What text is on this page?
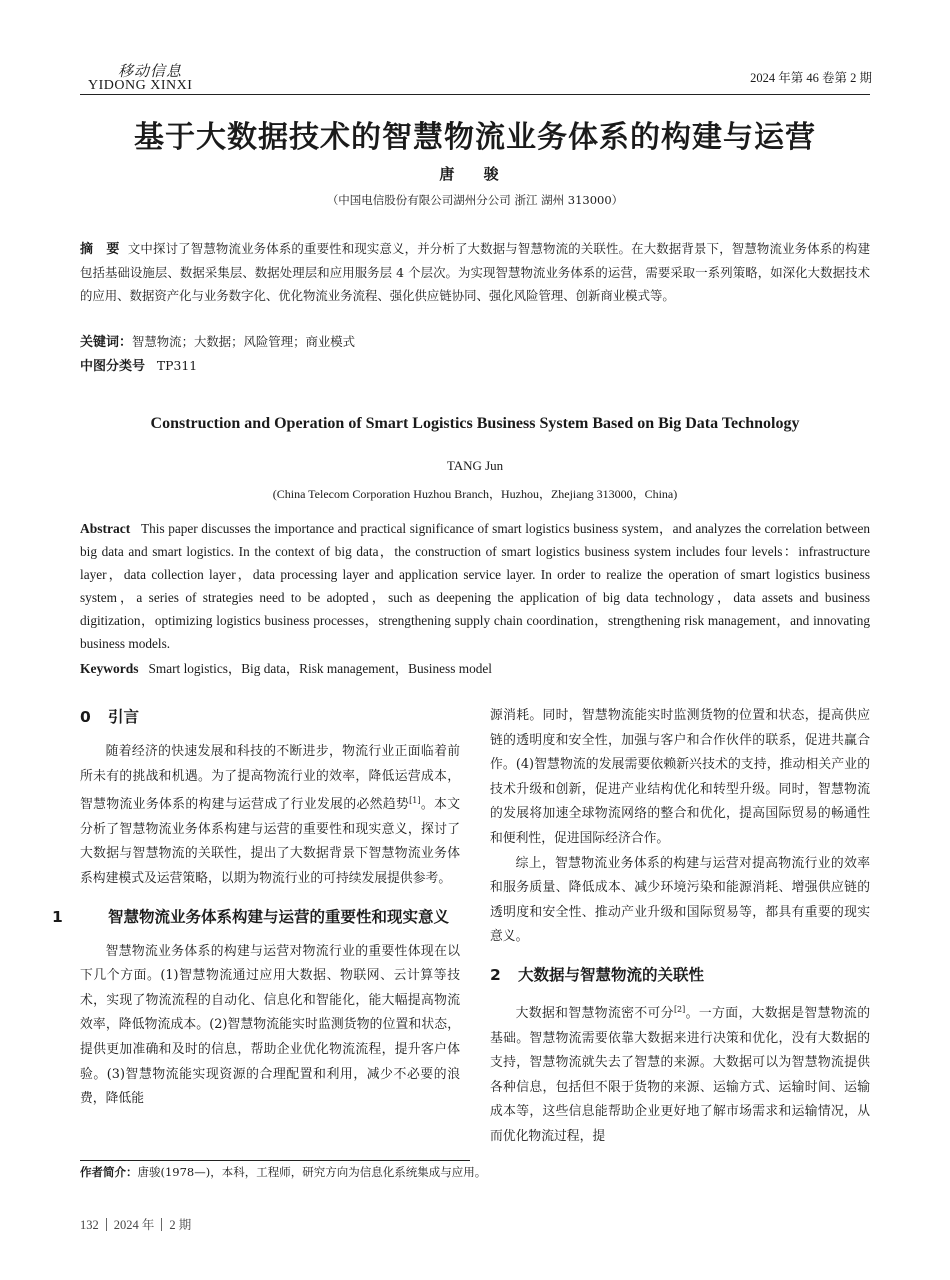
移动信息
YIDONG XINXI	2024 年第 46 卷第 2 期
基于大数据技术的智慧物流业务体系的构建与运营
唐 骏
（中国电信股份有限公司湖州分公司 浙江 湖州 313000）
摘　要 文中探讨了智慧物流业务体系的重要性和现实意义，并分析了大数据与智慧物流的关联性。在大数据背景下，智慧物流业务体系的构建包括基础设施层、数据采集层、数据处理层和应用服务层 4 个层次。为实现智慧物流业务体系的运营，需要采取一系列策略，如深化大数据技术的应用、数据资产化与业务数字化、优化物流业务流程、强化供应链协同、强化风险管理、创新商业模式等。
关键词：智慧物流；大数据；风险管理；商业模式
中图分类号 TP311
Construction and Operation of Smart Logistics Business System Based on Big Data Technology
TANG Jun
(China Telecom Corporation Huzhou Branch，Huzhou，Zhejiang 313000，China)
Abstract This paper discusses the importance and practical significance of smart logistics business system，and analyzes the correlation between big data and smart logistics. In the context of big data，the construction of smart logistics business system includes four levels：infrastructure layer，data collection layer，data processing layer and application service layer. In order to realize the operation of smart logistics business system，a series of strategies need to be adopted，such as deepening the application of big data technology，data assets and business digitization，optimizing logistics business processes，strengthening supply chain coordination，strengthening risk management，and innovating business models.
Keywords Smart logistics，Big data，Risk management，Business model
0 引言

随着经济的快速发展和科技的不断进步，物流行业正面临着前所未有的挑战和机遇。为了提高物流行业的效率，降低运营成本，智慧物流业务体系的构建与运营成了行业发展的必然趋势[1]。本文分析了智慧物流业务体系构建与运营的重要性和现实意义，探讨了大数据与智慧物流的关联性，提出了大数据背景下智慧物流业务体系构建模式及运营策略，以期为物流行业的可持续发展提供参考。

1	智慧物流业务体系构建与运营的重要性和现实意义

智慧物流业务体系的构建与运营对物流行业的重要性体现在以下几个方面。(1)智慧物流通过应用大数据、物联网、云计算等技术，实现了物流流程的自动化、信息化和智能化，能大幅提高物流效率，降低物流成本。(2)智慧物流能实时监测货物的位置和状态，提供更加准确和及时的信息，帮助企业优化物流流程，提升客户体验。(3)智慧物流能实现资源的合理配置和利用，减少不必要的浪费，降低能

源消耗。同时，智慧物流能实时监测货物的位置和状态，提高供应链的透明度和安全性，加强与客户和合作伙伴的联系，促进共赢合作。(4)智慧物流的发展需要依赖新兴技术的支持，推动相关产业的技术升级和创新，促进产业结构优化和转型升级。同时，智慧物流的发展将加速全球物流网络的整合和优化，提高国际贸易的畅通性和便利性，促进国际经济合作。

综上，智慧物流业务体系的构建与运营对提高物流行业的效率和服务质量、降低成本、减少环境污染和能源消耗、增强供应链的透明度和安全性、推动产业升级和国际贸易等，都具有重要的现实意义。

2 大数据与智慧物流的关联性

大数据和智慧物流密不可分[2]。一方面，大数据是智慧物流的基础。智慧物流需要依靠大数据来进行决策和优化，没有大数据的支持，智慧物流就失去了智慧的来源。大数据可以为智慧物流提供各种信息，包括但不限于货物的来源、运输方式、运输时间、运输成本等，这些信息能帮助企业更好地了解市场需求和运输情况，从而优化物流过程，提

作者简介：唐骏(1978—)，本科，工程师，研究方向为信息化系统集成与应用。
132 2024 年 2 期
